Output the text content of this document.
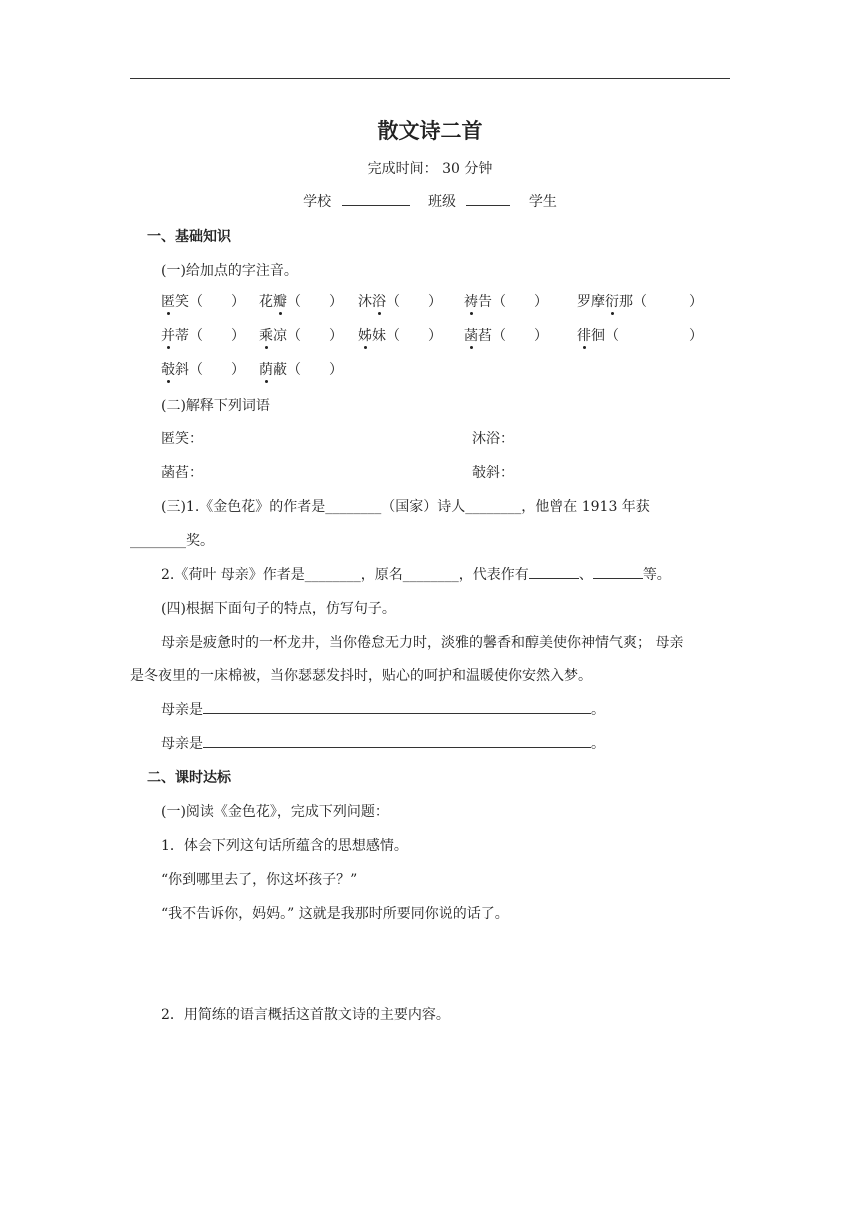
散文诗二首
完成时间： 30 分钟
学校	班级	学生
一、基础知识
(一)给加点的字注音。
匿笑（　　） 花瓣（　　） 沐浴（　　） 祷告（　　） 罗摩衍那（　　　）
并蒂（　　） 乘凉（　　） 姊妹（　　） 菡萏（　　） 徘徊（　　　　　）
攲斜（　　） 荫蔽（　　）
(二)解释下列词语
匿笑：	沐浴：
菡萏：	攲斜：
(三)1.《金色花》的作者是________（国家）诗人________，他曾在 1913 年获
________奖。
2.《荷叶 母亲》作者是________，原名________，代表作有	、	等。
(四)根据下面句子的特点，仿写句子。
母亲是疲惫时的一杯龙井，当你倦怠无力时，淡雅的馨香和醇美使你神情气爽； 母亲
是冬夜里的一床棉被，当你瑟瑟发抖时，贴心的呵护和温暖使你安然入梦。
母亲是	。
母亲是	。
二、课时达标
(一)阅读《金色花》，完成下列问题：
1．体会下列这句话所蕴含的思想感情。
“你到哪里去了，你这坏孩子？”
“我不告诉你，妈妈。” 这就是我那时所要同你说的话了。
2．用简练的语言概括这首散文诗的主要内容。
